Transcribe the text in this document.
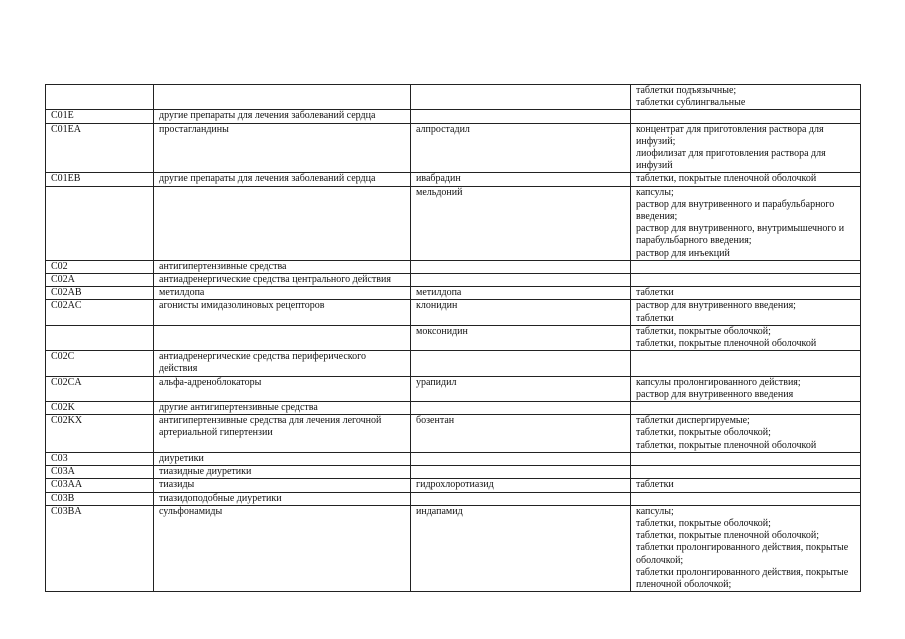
			таблетки подъязычные;
таблетки сублингвальные

C01E	другие препараты для лечения заболеваний сердца		
C01EA	простагландины	алпростадил	концентрат для приготовления раствора для инфузий;
лиофилизат для приготовления раствора для инфузий

C01EB	другие препараты для лечения заболеваний сердца	ивабрадин	таблетки, покрытые пленочной оболочкой

		мельдоний	капсулы;
раствор для внутривенного и парабульбарного введения;
раствор для внутривенного, внутримышечного и парабульбарного введения;
раствор для инъекций

C02	антигипертензивные средства		
C02A	антиадренергические средства центрального действия		
C02AB	метилдопа	метилдопа	таблетки

C02AC	агонисты имидазолиновых рецепторов	клонидин	раствор для внутривенного введения;
таблетки

		моксонидин	таблетки, покрытые оболочкой;
таблетки, покрытые пленочной оболочкой

C02C	антиадренергические средства периферического действия		
C02CA	альфа-адреноблокаторы	урапидил	капсулы пролонгированного действия;
раствор для внутривенного введения

C02K	другие антигипертензивные средства		
C02KX	антигипертензивные средства для лечения легочной артериальной гипертензии	бозентан	таблетки диспергируемые;
таблетки, покрытые оболочкой;
таблетки, покрытые пленочной оболочкой

C03	диуретики		
C03A	тиазидные диуретики		
C03AA	тиазиды	гидрохлоротиазид	таблетки

C03B	тиазидоподобные диуретики		
C03BA	сульфонамиды	индапамид	капсулы;
таблетки, покрытые оболочкой;
таблетки, покрытые пленочной оболочкой;
таблетки пролонгированного действия, покрытые оболочкой;
таблетки пролонгированного действия, покрытые пленочной оболочкой;
